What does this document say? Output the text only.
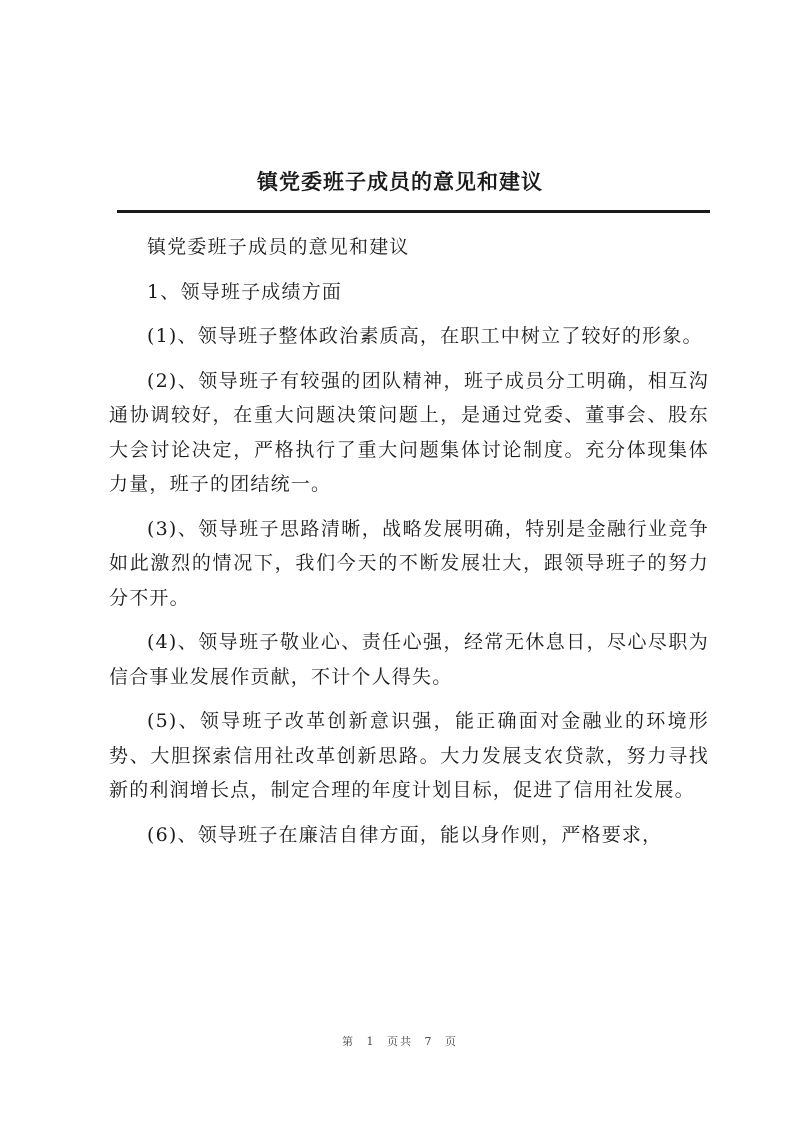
镇党委班子成员的意见和建议

镇党委班子成员的意见和建议

1、领导班子成绩方面

(1)、领导班子整体政治素质高，在职工中树立了较好的形象。

(2)、领导班子有较强的团队精神，班子成员分工明确，相互沟通协调较好，在重大问题决策问题上，是通过党委、董事会、股东大会讨论决定，严格执行了重大问题集体讨论制度。充分体现集体力量，班子的团结统一。

(3)、领导班子思路清晰，战略发展明确，特别是金融行业竞争如此激烈的情况下，我们今天的不断发展壮大，跟领导班子的努力分不开。

(4)、领导班子敬业心、责任心强，经常无休息日，尽心尽职为信合事业发展作贡献，不计个人得失。

(5)、领导班子改革创新意识强，能正确面对金融业的环境形势、大胆探索信用社改革创新思路。大力发展支农贷款，努力寻找新的利润增长点，制定合理的年度计划目标，促进了信用社发展。

(6)、领导班子在廉洁自律方面，能以身作则，严格要求，

第 1 页共 7 页
